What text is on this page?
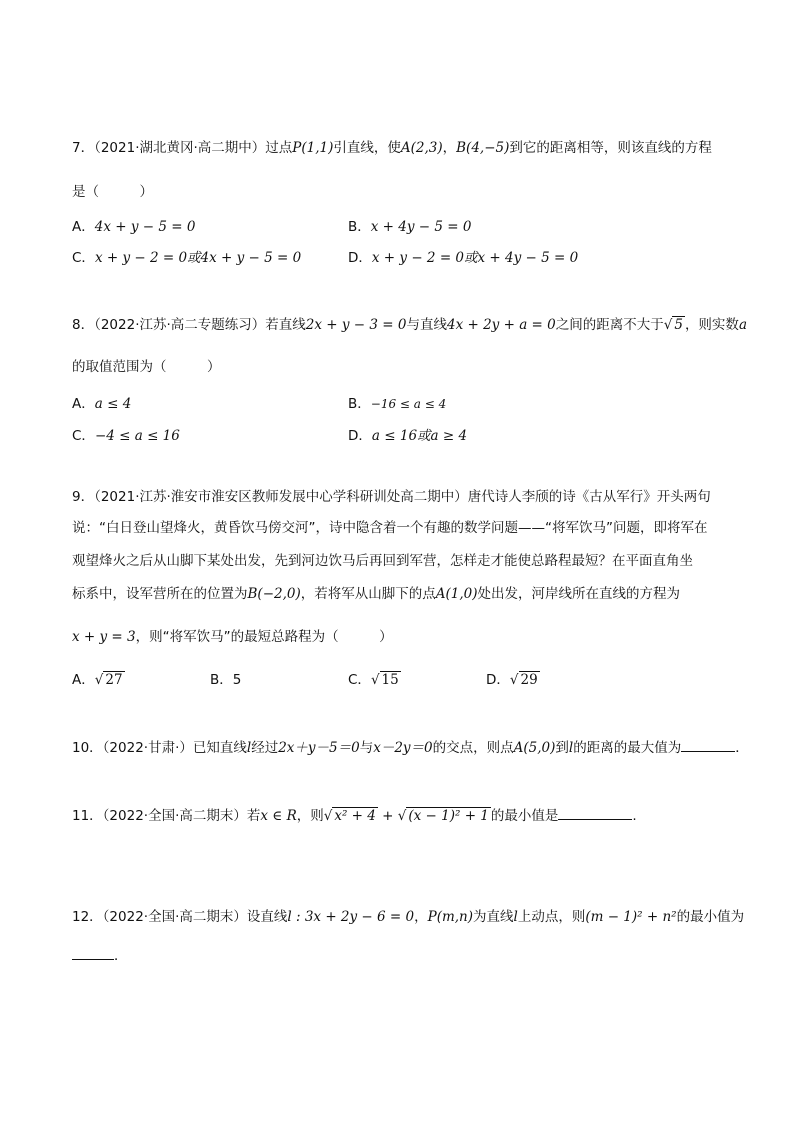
7．（2021·湖北黄冈·高二期中）过点P(1,1)引直线，使A(2,3)，B(4,−5)到它的距离相等，则该直线的方程
是（　　　）
A．4x + y − 5 = 0	B．x + 4y − 5 = 0
C．x + y − 2 = 0或4x + y − 5 = 0	D．x + y − 2 = 0或x + 4y − 5 = 0
8．（2022·江苏·高二专题练习）若直线2x + y − 3 = 0与直线4x + 2y + a = 0之间的距离不大于√ 5 ，则实数a
的取值范围为（　　　）
A．a ≤ 4	B．−16 ≤ a ≤ 4
C．−4 ≤ a ≤ 16	D．a ≤ 16或a ≥ 4
9．（2021·江苏·淮安市淮安区教师发展中心学科研训处高二期中）唐代诗人李颀的诗《古从军行》开头两句
说：“白日登山望烽火，黄昏饮马傍交河”，诗中隐含着一个有趣的数学问题——“将军饮马”问题，即将军在
观望烽火之后从山脚下某处出发，先到河边饮马后再回到军营，怎样走才能使总路程最短？在平面直角坐
标系中，设军营所在的位置为B(−2,0)，若将军从山脚下的点A(1,0)处出发，河岸线所在直线的方程为
x + y = 3，则“将军饮马”的最短总路程为（　　　）
A．√ 27	B．5	C．√ 15	D．√ 29
10．（2022·甘肃·）已知直线l经过2x＋y－5＝0与x－2y＝0的交点，则点A(5,0)到l的距离的最大值为	．
11．（2022·全国·高二期末）若x ∈ R，则√ x² + 4 + √ (x − 1)² + 1 的最小值是	.
12．（2022·全国·高二期末）设直线l : 3x + 2y − 6 = 0，P(m,n)为直线l上动点，则(m − 1)² + n²的最小值为
．
